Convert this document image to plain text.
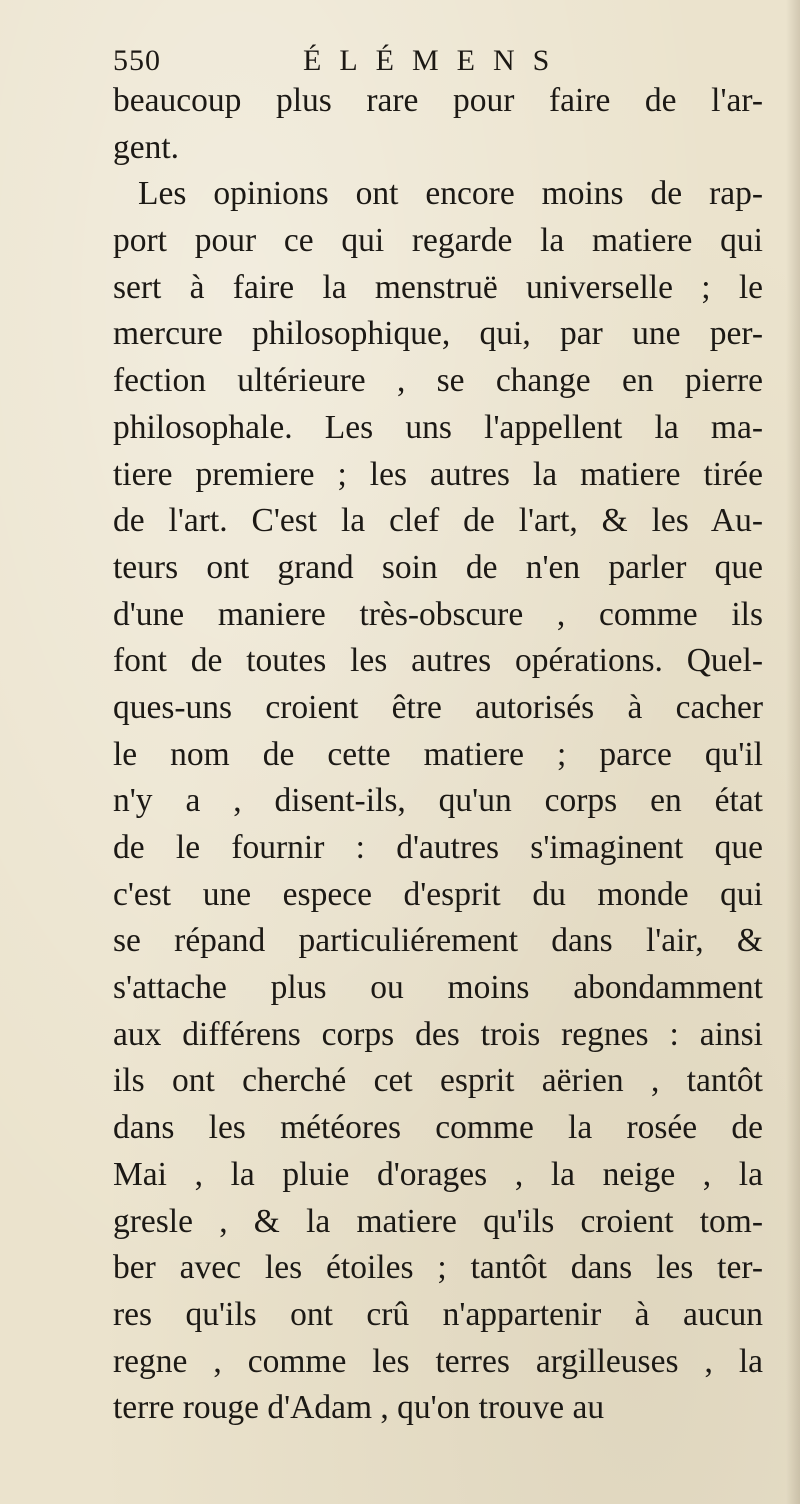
550	ÉLÉMENS
beaucoup plus rare pour faire de l'ar-
gent.
Les opinions ont encore moins de rap-
port pour ce qui regarde la matiere qui
sert à faire la menstruë universelle ; le
mercure philosophique, qui, par une per-
fection ultérieure , se change en pierre
philosophale. Les uns l'appellent la ma-
tiere premiere ; les autres la matiere tirée
de l'art. C'est la clef de l'art, & les Au-
teurs ont grand soin de n'en parler que
d'une maniere très-obscure , comme ils
font de toutes les autres opérations. Quel-
ques-uns croient être autorisés à cacher
le nom de cette matiere ; parce qu'il
n'y a , disent-ils, qu'un corps en état
de le fournir : d'autres s'imaginent que
c'est une espece d'esprit du monde qui
se répand particuliérement dans l'air, &
s'attache plus ou moins abondamment
aux différens corps des trois regnes : ainsi
ils ont cherché cet esprit aërien , tantôt
dans les météores comme la rosée de
Mai , la pluie d'orages , la neige , la
gresle , & la matiere qu'ils croient tom-
ber avec les étoiles ; tantôt dans les ter-
res qu'ils ont crû n'appartenir à aucun
regne , comme les terres argilleuses , la
terre rouge d'Adam , qu'on trouve au
